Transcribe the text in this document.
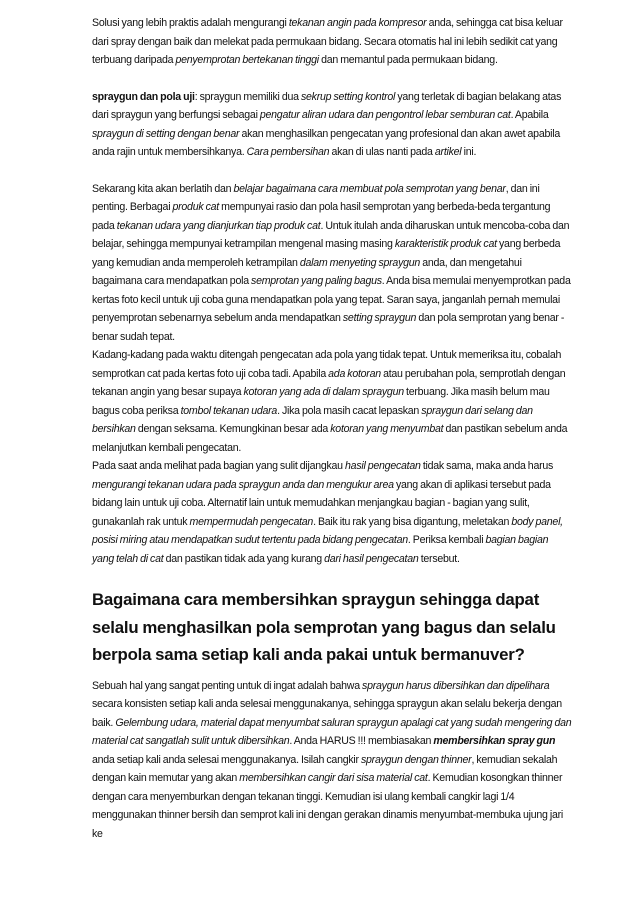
Solusi yang lebih praktis adalah mengurangi tekanan angin pada kompresor anda, sehingga cat bisa keluar dari spray dengan baik dan melekat pada permukaan bidang. Secara otomatis hal ini lebih sedikit cat yang terbuang daripada penyemprotan bertekanan tinggi dan memantul pada permukaan bidang.

spraygun dan pola uji: spraygun memiliki dua sekrup setting kontrol yang terletak di bagian belakang atas dari spraygun yang berfungsi sebagai pengatur aliran udara dan pengontrol lebar semburan cat. Apabila spraygun di setting dengan benar akan menghasilkan pengecatan yang profesional dan akan awet apabila anda rajin untuk membersihkanya. Cara pembersihan akan di ulas nanti pada artikel ini.

Sekarang kita akan berlatih dan belajar bagaimana cara membuat pola semprotan yang benar, dan ini penting. Berbagai produk cat mempunyai rasio dan pola hasil semprotan yang berbeda-beda tergantung pada tekanan udara yang dianjurkan tiap produk cat. Untuk itulah anda diharuskan untuk mencoba-coba dan belajar, sehingga mempunyai ketrampilan mengenal masing masing karakteristik produk cat yang berbeda yang kemudian anda memperoleh ketrampilan dalam menyeting spraygun anda, dan mengetahui bagaimana cara mendapatkan pola semprotan yang paling bagus. Anda bisa memulai menyemprotkan pada kertas foto kecil untuk uji coba guna mendapatkan pola yang tepat. Saran saya, janganlah pernah memulai penyemprotan sebenarnya sebelum anda mendapatkan setting spraygun dan pola semprotan yang benar - benar sudah tepat.

Kadang-kadang pada waktu ditengah pengecatan ada pola yang tidak tepat. Untuk memeriksa itu, cobalah semprotkan cat pada kertas foto uji coba tadi. Apabila ada kotoran atau perubahan pola, semprotlah dengan tekanan angin yang besar supaya kotoran yang ada di dalam spraygun terbuang. Jika masih belum mau bagus coba periksa tombol tekanan udara. Jika pola masih cacat lepaskan spraygun dari selang dan bersihkan dengan seksama. Kemungkinan besar ada kotoran yang menyumbat dan pastikan sebelum anda melanjutkan kembali pengecatan.

Pada saat anda melihat pada bagian yang sulit dijangkau hasil pengecatan tidak sama, maka anda harus mengurangi tekanan udara pada spraygun anda dan mengukur area yang akan di aplikasi tersebut pada bidang lain untuk uji coba. Alternatif lain untuk memudahkan menjangkau bagian - bagian yang sulit, gunakanlah rak untuk mempermudah pengecatan. Baik itu rak yang bisa digantung, meletakan body panel, posisi miring atau mendapatkan sudut tertentu pada bidang pengecatan. Periksa kembali bagian bagian yang telah di cat dan pastikan tidak ada yang kurang dari hasil pengecatan tersebut.

Bagaimana cara membersihkan spraygun sehingga dapat selalu menghasilkan pola semprotan yang bagus dan selalu berpola sama setiap kali anda pakai untuk bermanuver?

Sebuah hal yang sangat penting untuk di ingat adalah bahwa spraygun harus dibersihkan dan dipelihara secara konsisten setiap kali anda selesai menggunakanya, sehingga spraygun akan selalu bekerja dengan baik. Gelembung udara, material dapat menyumbat saluran spraygun apalagi cat yang sudah mengering dan material cat sangatlah sulit untuk dibersihkan. Anda HARUS !!! membiasakan membersihkan spray gun anda setiap kali anda selesai menggunakanya. Isilah cangkir spraygun dengan thinner, kemudian sekalah dengan kain memutar yang akan membersihkan cangir dari sisa material cat. Kemudian kosongkan thinner dengan cara menyemburkan dengan tekanan tinggi. Kemudian isi ulang kembali cangkir lagi 1/4 menggunakan thinner bersih dan semprot kali ini dengan gerakan dinamis menyumbat-membuka ujung jari ke
